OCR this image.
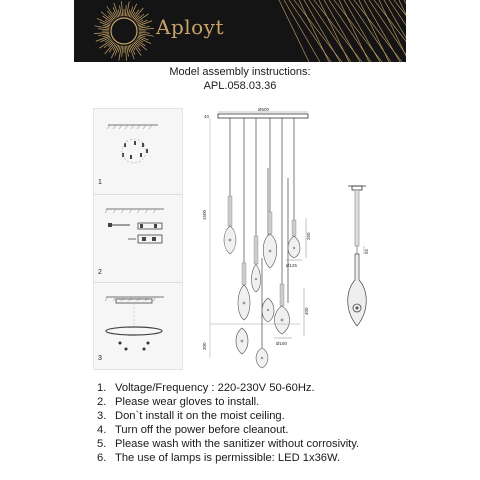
Aployt
Model assembly instructions:
APL.058.03.36
1
2
3
Ø600
40
1500
300
260
Ø125
400
Ø160
55
1. Voltage/Frequency : 220-230V 50-60Hz.
2. Please wear gloves to install.
3. Don`t install it on the moist ceiling.
4. Turn off the power before cleanout.
5. Please wash with the sanitizer without corrosivity.
6. The use of lamps is permissible: LED 1x36W.
